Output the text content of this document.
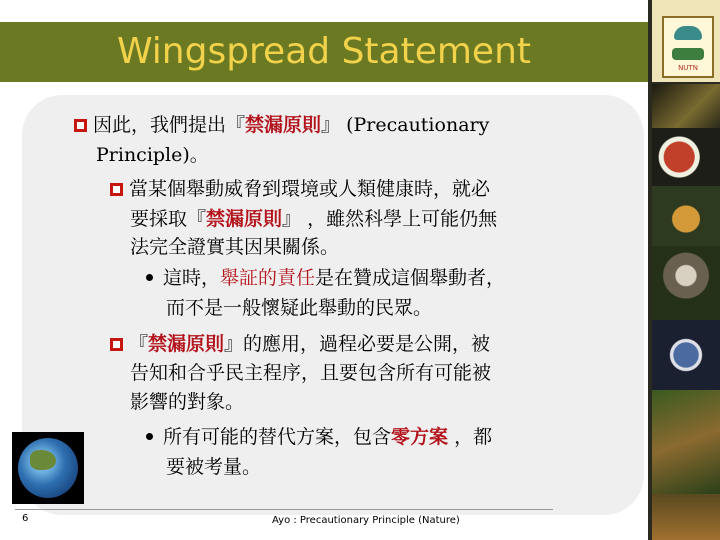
Wingspread Statement	NUTN
因此，我們提出『禁漏原則』 (Precautionary
Principle)。
當某個舉動威脅到環境或人類健康時，就必
要採取『禁漏原則』 ，雖然科學上可能仍無
法完全證實其因果關係。
這時，舉証的責任是在贊成這個舉動者，
而不是一般懷疑此舉動的民眾。
『禁漏原則』的應用，過程必要是公開，被
告知和合乎民主程序，且要包含所有可能被
影響的對象。
所有可能的替代方案，包含零方案 ，都
要被考量。
6	Ayo : Precautionary Principle (Nature)
